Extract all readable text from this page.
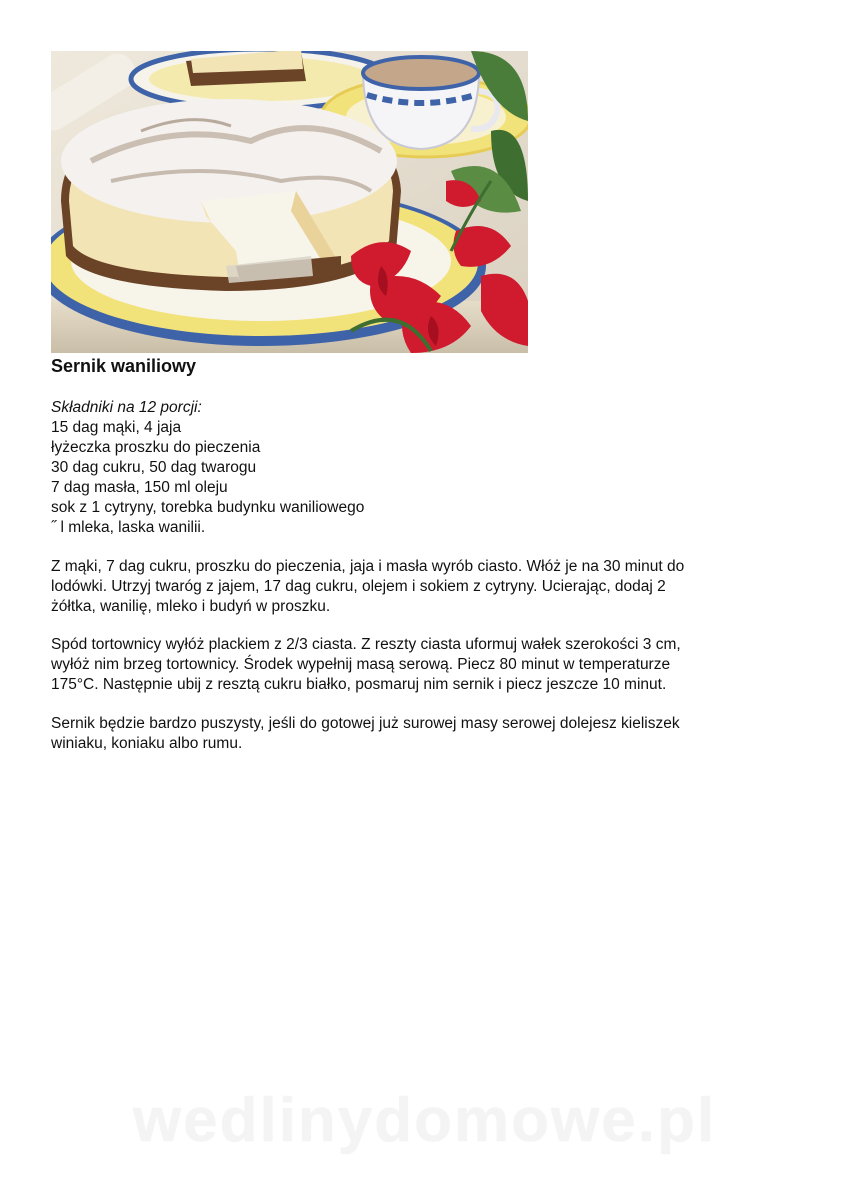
Sernik waniliowy
Składniki na 12 porcji:
15 dag mąki, 4 jaja
łyżeczka proszku do pieczenia
30 dag cukru, 50 dag twarogu
7 dag masła, 150 ml oleju
sok z 1 cytryny, torebka budynku waniliowego
˝ l mleka, laska wanilii.

Z mąki, 7 dag cukru, proszku do pieczenia, jaja i masła wyrób ciasto. Włóż je na 30 minut do
lodówki. Utrzyj twaróg z jajem, 17 dag cukru, olejem i sokiem z cytryny. Ucierając, dodaj 2
żółtka, wanilię, mleko i budyń w proszku.

Spód tortownicy wyłóż plackiem z 2/3 ciasta. Z reszty ciasta uformuj wałek szerokości 3 cm,
wyłóż nim brzeg tortownicy. Środek wypełnij masą serową. Piecz 80 minut w temperaturze
175°C. Następnie ubij z resztą cukru białko, posmaruj nim sernik i piecz jeszcze 10 minut.

Sernik będzie bardzo puszysty, jeśli do gotowej już surowej masy serowej dolejesz kieliszek
winiaku, koniaku albo rumu.

wedlinydomowe.pl
